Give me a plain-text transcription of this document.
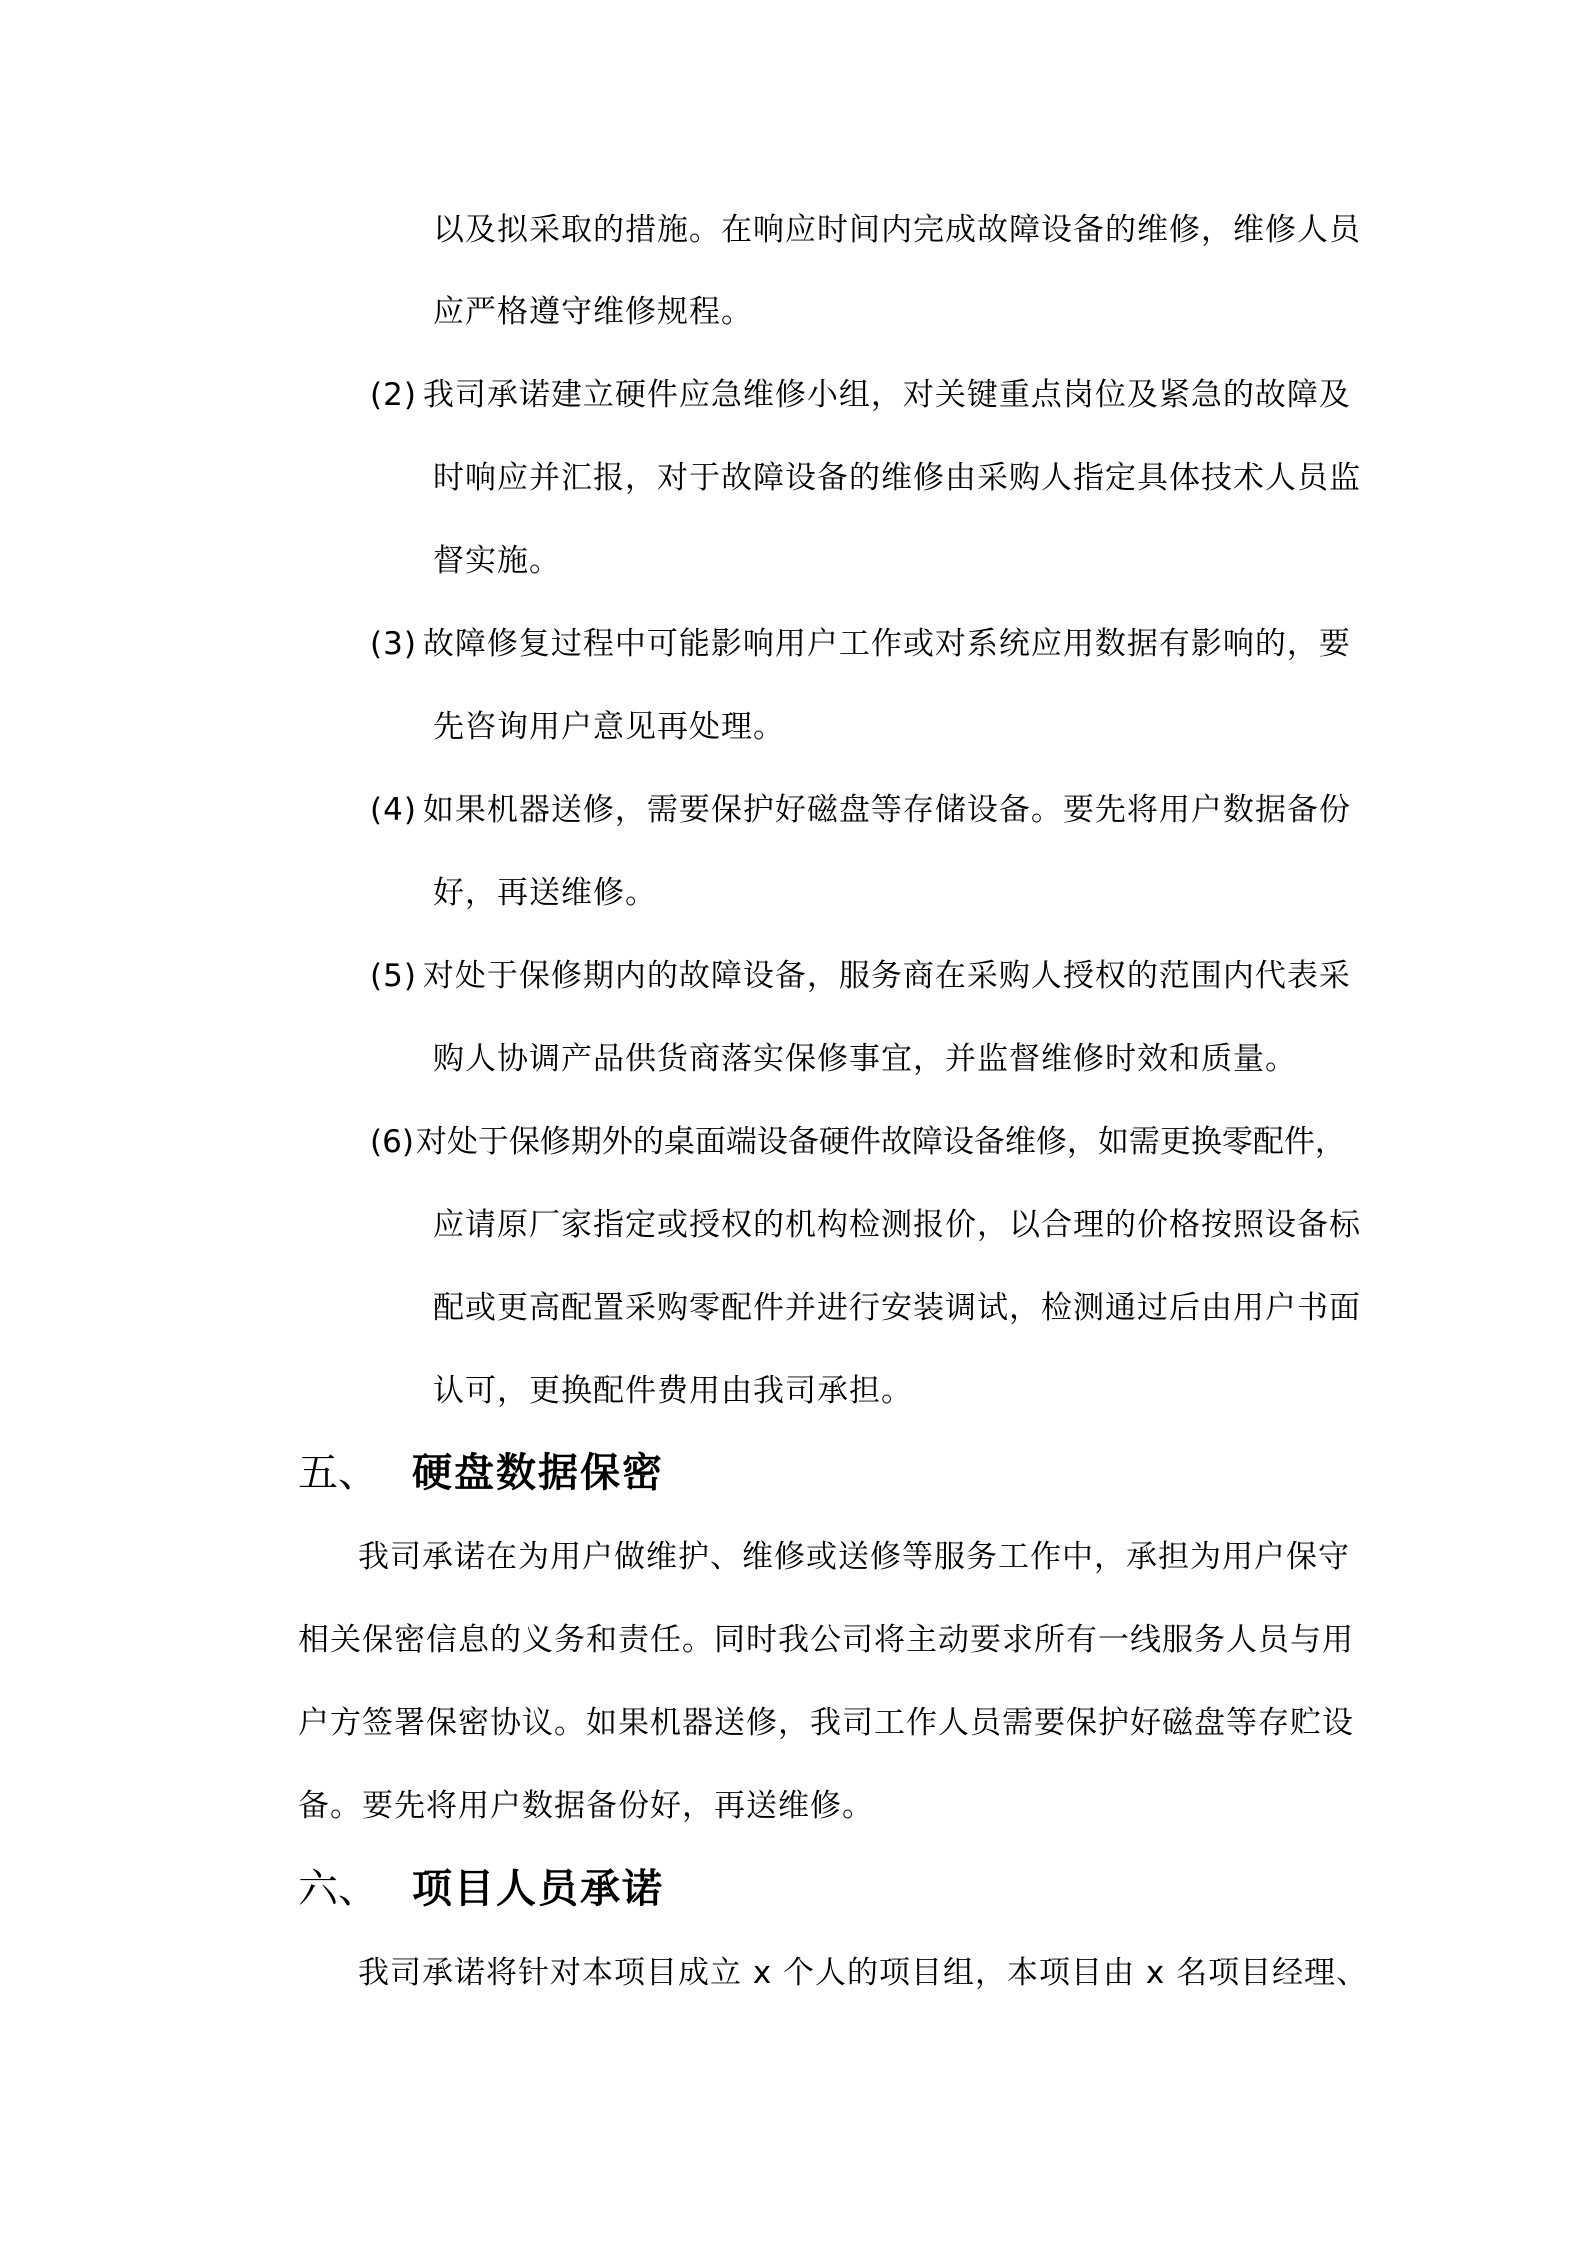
以及拟采取的措施。在响应时间内完成故障设备的维修，维修人员
应严格遵守维修规程。
(2) 我司承诺建立硬件应急维修小组，对关键重点岗位及紧急的故障及
时响应并汇报，对于故障设备的维修由采购人指定具体技术人员监
督实施。
(3) 故障修复过程中可能影响用户工作或对系统应用数据有影响的，要
先咨询用户意见再处理。
(4) 如果机器送修，需要保护好磁盘等存储设备。要先将用户数据备份
好，再送维修。
(5) 对处于保修期内的故障设备，服务商在采购人授权的范围内代表采
购人协调产品供货商落实保修事宜，并监督维修时效和质量。
(6)对处于保修期外的桌面端设备硬件故障设备维修，如需更换零配件，
应请原厂家指定或授权的机构检测报价，以合理的价格按照设备标
配或更高配置采购零配件并进行安装调试，检测通过后由用户书面
认可，更换配件费用由我司承担。
五、 硬盘数据保密
我司承诺在为用户做维护、维修或送修等服务工作中，承担为用户保守
相关保密信息的义务和责任。同时我公司将主动要求所有一线服务人员与用
户方签署保密协议。如果机器送修，我司工作人员需要保护好磁盘等存贮设
备。要先将用户数据备份好，再送维修。
六、 项目人员承诺
我司承诺将针对本项目成立 x 个人的项目组，本项目由 x 名项目经理、
